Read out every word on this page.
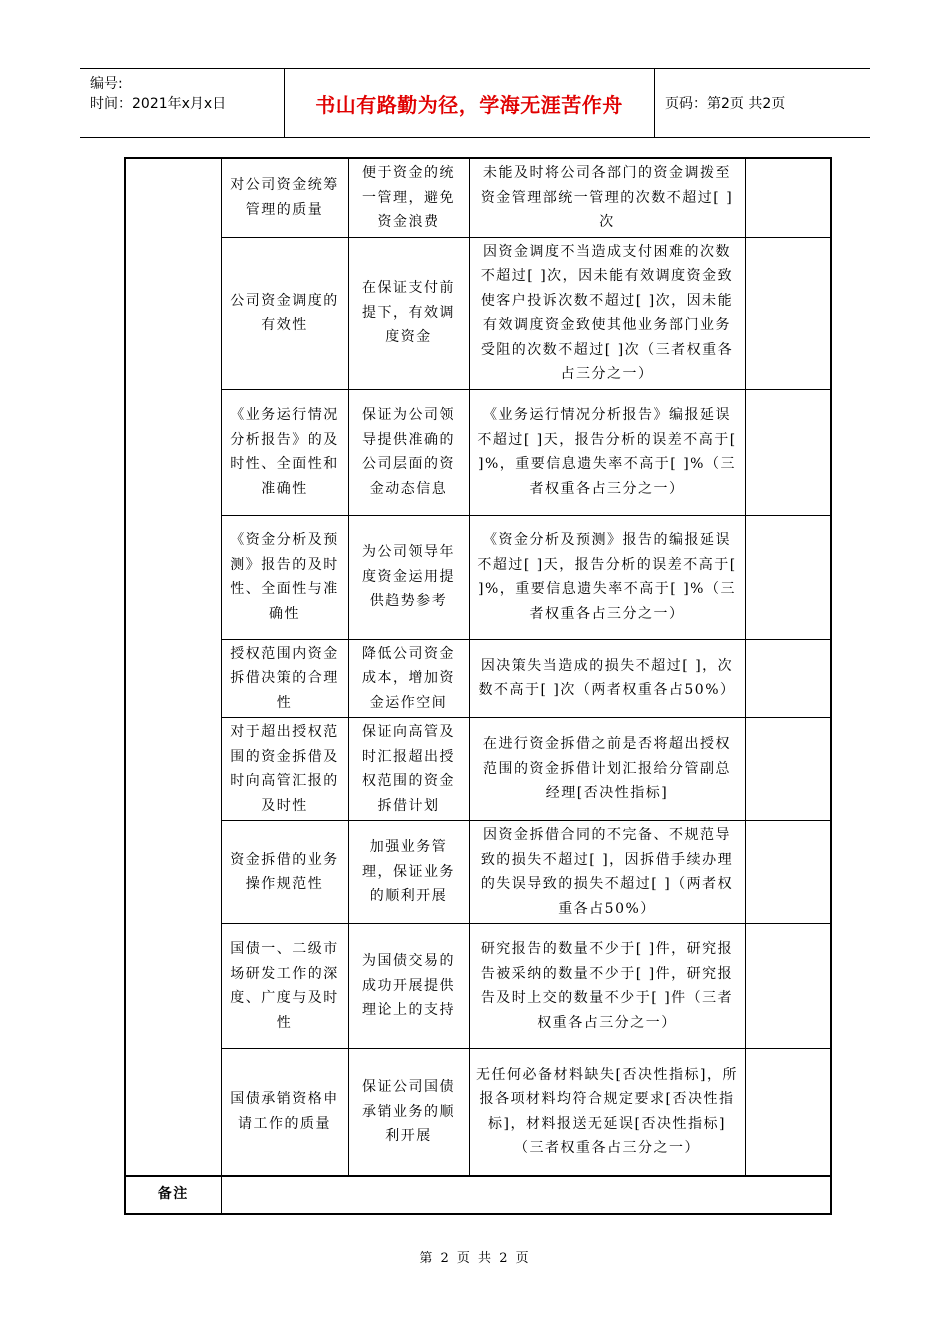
编号:
时间：2021年x月x日	书山有路勤为径，学海无涯苦作舟	页码：第2页 共2页
	对公司资金统筹管理的质量	便于资金的统一管理，避免资金浪费	未能及时将公司各部门的资金调拨至资金管理部统一管理的次数不超过[ ]次	
	公司资金调度的有效性	在保证支付前提下，有效调度资金	因资金调度不当造成支付困难的次数不超过[ ]次，因未能有效调度资金致使客户投诉次数不超过[ ]次，因未能有效调度资金致使其他业务部门业务受阻的次数不超过[ ]次（三者权重各占三分之一）	
	《业务运行情况分析报告》的及时性、全面性和准确性	保证为公司领导提供准确的公司层面的资金动态信息	《业务运行情况分析报告》编报延误不超过[ ]天，报告分析的误差不高于[ ]%，重要信息遗失率不高于[ ]%（三者权重各占三分之一）	
	《资金分析及预测》报告的及时性、全面性与准确性	为公司领导年度资金运用提供趋势参考	《资金分析及预测》报告的编报延误不超过[ ]天，报告分析的误差不高于[ ]%，重要信息遗失率不高于[ ]%（三者权重各占三分之一）	
	授权范围内资金拆借决策的合理性	降低公司资金成本，增加资金运作空间	因决策失当造成的损失不超过[ ]，次数不高于[ ]次（两者权重各占50%）	
	对于超出授权范围的资金拆借及时向高管汇报的及时性	保证向高管及时汇报超出授权范围的资金拆借计划	在进行资金拆借之前是否将超出授权范围的资金拆借计划汇报给分管副总经理[否决性指标]	
	资金拆借的业务操作规范性	加强业务管理，保证业务的顺利开展	因资金拆借合同的不完备、不规范导致的损失不超过[ ]，因拆借手续办理的失误导致的损失不超过[ ]（两者权重各占50%）	
	国债一、二级市场研发工作的深度、广度与及时性	为国债交易的成功开展提供理论上的支持	研究报告的数量不少于[ ]件，研究报告被采纳的数量不少于[ ]件，研究报告及时上交的数量不少于[ ]件（三者权重各占三分之一）	
	国债承销资格申请工作的质量	保证公司国债承销业务的顺利开展	无任何必备材料缺失[否决性指标]，所报各项材料均符合规定要求[否决性指标]，材料报送无延误[否决性指标]（三者权重各占三分之一）	
备注				
第 2 页 共 2 页
